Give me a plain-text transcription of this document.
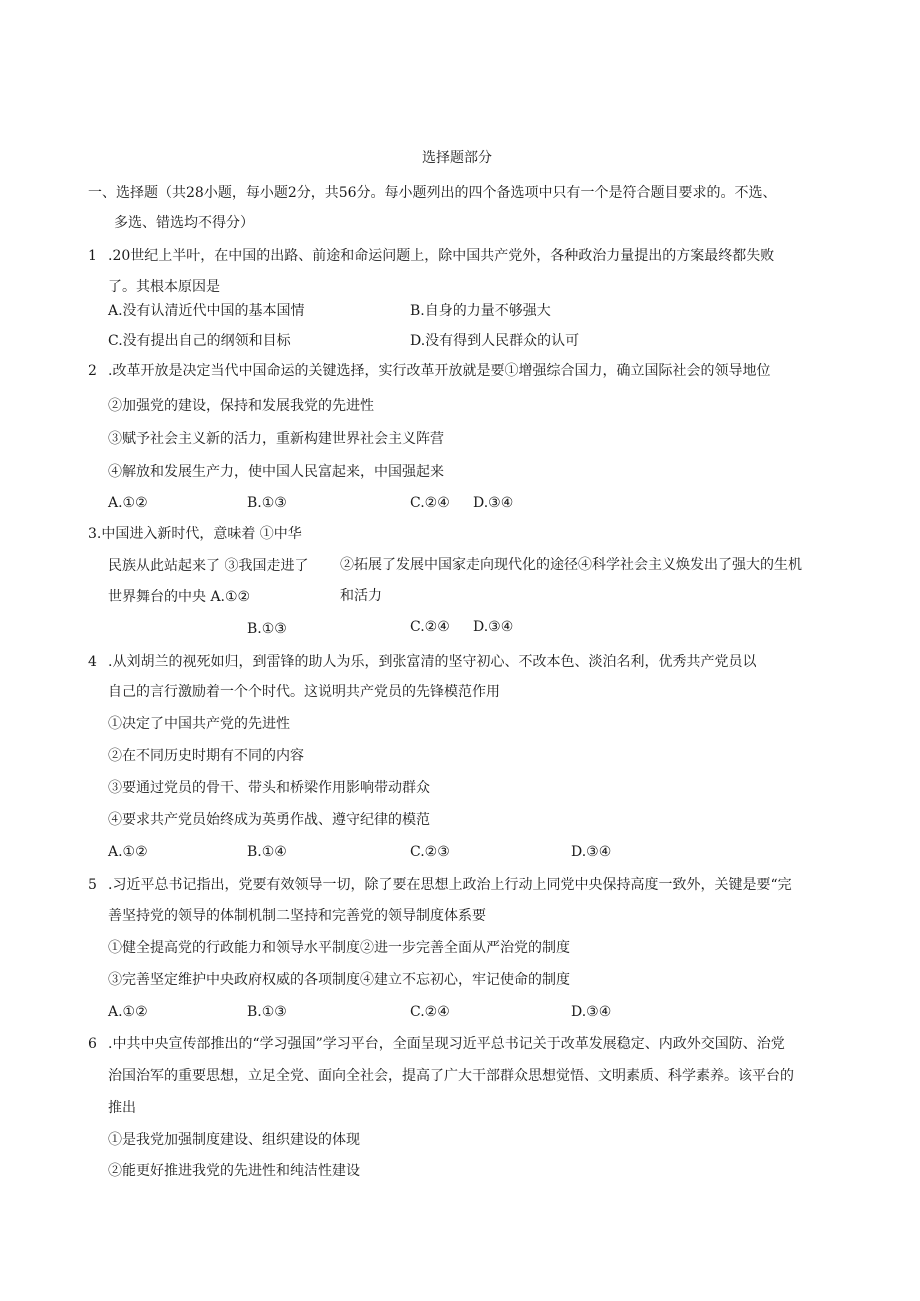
选择题部分
一、选择题（共28小题，每小题2分，共56分。每小题列出的四个备选项中只有一个是符合题目要求的。不选、
多选、错选均不得分）
1 .20世纪上半叶，在中国的出路、前途和命运问题上，除中国共产党外，各种政治力量提出的方案最终都失败
了。其根本原因是
A.没有认清近代中国的基本国情	B.自身的力量不够强大
C.没有提出自己的纲领和目标	D.没有得到人民群众的认可
2 .改革开放是决定当代中国命运的关键选择，实行改革开放就是要①增强综合国力，确立国际社会的领导地位
②加强党的建设，保持和发展我党的先进性
③赋予社会主义新的活力，重新构建世界社会主义阵营
④解放和发展生产力，使中国人民富起来，中国强起来
A.①②	B.①③	C.②④ D.③④
3.中国进入新时代，意味着 ①中华
民族从此站起来了 ③我国走进了 ②拓展了发展中国家走向现代化的途径④科学社会主义焕发出了强大的生机
世界舞台的中央 A.①②	和活力
B.①③	C.②④ D.③④
4 .从刘胡兰的视死如归，到雷锋的助人为乐，到张富清的坚守初心、不改本色、淡泊名利，优秀共产党员以
自己的言行激励着一个个时代。这说明共产党员的先锋模范作用
①决定了中国共产党的先进性
②在不同历史时期有不同的内容
③要通过党员的骨干、带头和桥梁作用影响带动群众
④要求共产党员始终成为英勇作战、遵守纪律的模范
A.①②	B.①④	C.②③	D.③④
5 .习近平总书记指出，党要有效领导一切，除了要在思想上政治上行动上同党中央保持高度一致外，关键是要“完
善坚持党的领导的体制机制二坚持和完善党的领导制度体系要
①健全提高党的行政能力和领导水平制度②进一步完善全面从严治党的制度
③完善坚定维护中央政府权威的各项制度④建立不忘初心，牢记使命的制度
A.①②	B.①③	C.②④	D.③④
6 .中共中央宣传部推出的“学习强国”学习平台，全面呈现习近平总书记关于改革发展稳定、内政外交国防、治党
治国治军的重要思想，立足全党、面向全社会，提高了广大干部群众思想觉悟、文明素质、科学素养。该平台的
推出
①是我党加强制度建设、组织建设的体现
②能更好推进我党的先进性和纯洁性建设
